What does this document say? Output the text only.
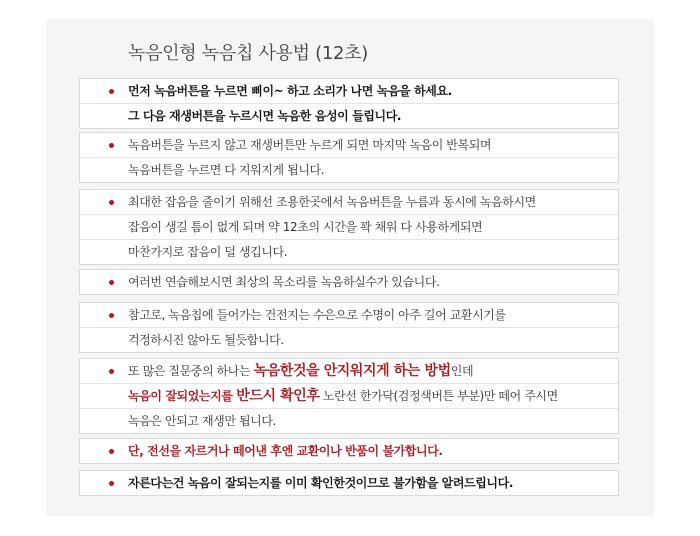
녹음인형 녹음칩 사용법 (12초)
먼저 녹음버튼을 누르면 삐이~ 하고 소리가 나면 녹음을 하세요.
그 다음 재생버튼을 누르시면 녹음한 음성이 들립니다.
녹음버튼을 누르지 않고 재생버튼만 누르게 되면 마지막 녹음이 반복되며
녹음버튼을 누르면 다 지워지게 됩니다.
최대한 잡음을 줄이기 위해선 조용한곳에서 녹음버튼을 누름과 동시에 녹음하시면
잡음이 생길 틈이 없게 되며 약 12초의 시간을 꽉 채워 다 사용하게되면
마찬가지로 잡음이 덜 생깁니다.
여러번 연습해보시면 최상의 목소리를 녹음하실수가 있습니다.
참고로, 녹음칩에 들어가는 건전지는 수은으로 수명이 아주 길어 교환시기를
걱정하시진 않아도 될듯합니다.
또 많은 질문중의 하나는 녹음한것을 안지워지게 하는 방법인데
녹음이 잘되었는지를 반드시 확인후 노란선 한가닥(검정색버튼 부분)만 떼어 주시면
녹음은 안되고 재생만 됩니다.
단, 전선을 자르거나 떼어낸 후엔 교환이나 반품이 불가합니다.
자른다는건 녹음이 잘되는지를 이미 확인한것이므로 불가함을 알려드립니다.
